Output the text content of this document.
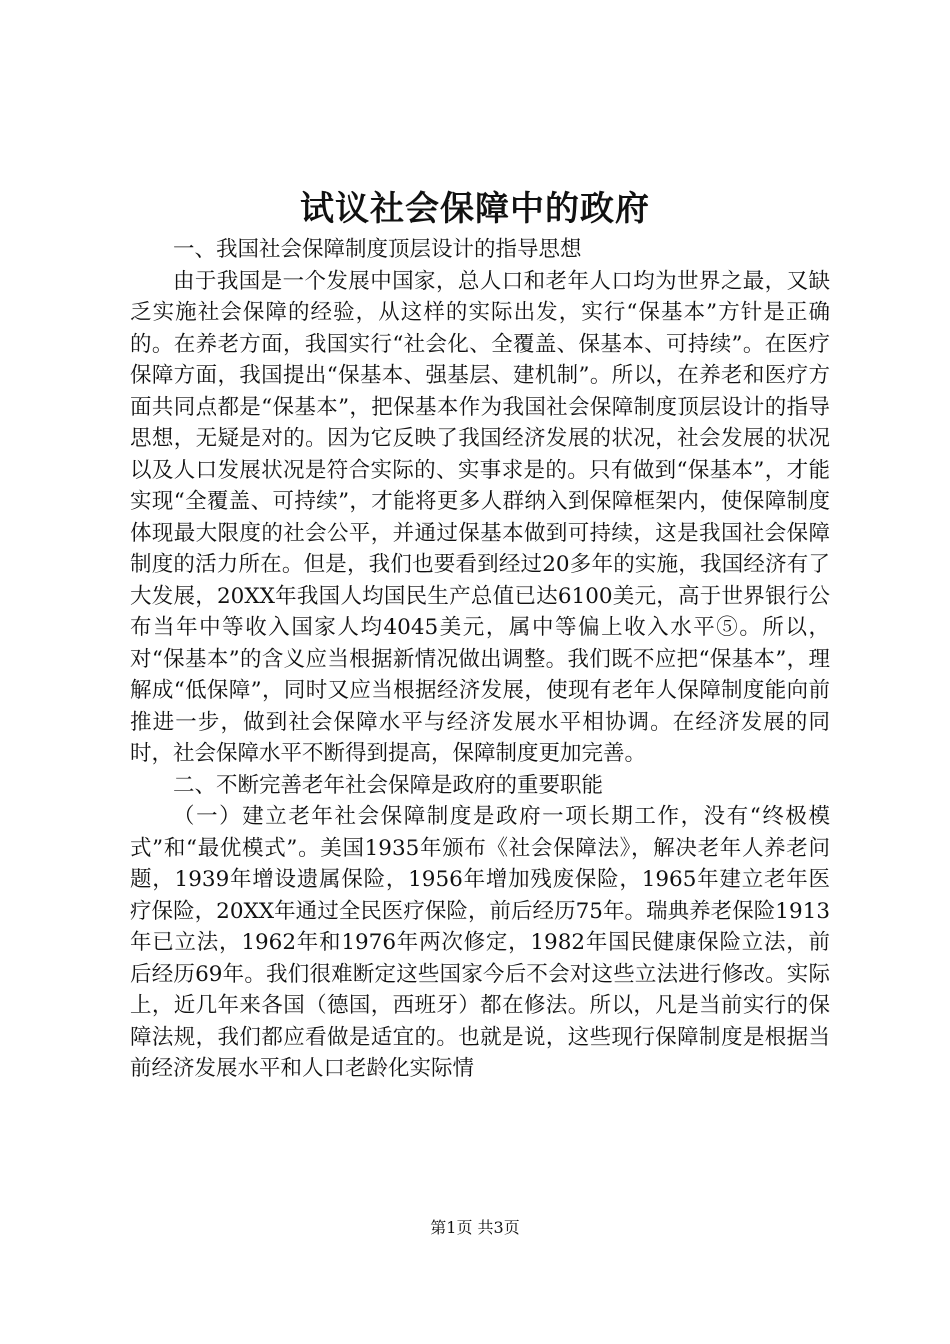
试议社会保障中的政府

一、我国社会保障制度顶层设计的指导思想

由于我国是一个发展中国家，总人口和老年人口均为世界之最，又缺乏实施社会保障的经验，从这样的实际出发，实行“保基本”方针是正确的。在养老方面，我国实行“社会化、全覆盖、保基本、可持续”。在医疗保障方面，我国提出“保基本、强基层、建机制”。所以，在养老和医疗方面共同点都是“保基本”，把保基本作为我国社会保障制度顶层设计的指导思想，无疑是对的。因为它反映了我国经济发展的状况，社会发展的状况以及人口发展状况是符合实际的、实事求是的。只有做到“保基本”，才能实现“全覆盖、可持续”，才能将更多人群纳入到保障框架内，使保障制度体现最大限度的社会公平，并通过保基本做到可持续，这是我国社会保障制度的活力所在。但是，我们也要看到经过20多年的实施，我国经济有了大发展，20XX年我国人均国民生产总值已达6100美元，高于世界银行公布当年中等收入国家人均4045美元，属中等偏上收入水平⑤。所以，对“保基本”的含义应当根据新情况做出调整。我们既不应把“保基本”，理解成“低保障”，同时又应当根据经济发展，使现有老年人保障制度能向前推进一步，做到社会保障水平与经济发展水平相协调。在经济发展的同时，社会保障水平不断得到提高，保障制度更加完善。

二、不断完善老年社会保障是政府的重要职能

（一）建立老年社会保障制度是政府一项长期工作，没有“终极模式”和“最优模式”。美国1935年颁布《社会保障法》，解决老年人养老问题，1939年增设遗属保险，1956年增加残废保险，1965年建立老年医疗保险，20XX年通过全民医疗保险，前后经历75年。瑞典养老保险1913年已立法，1962年和1976年两次修定，1982年国民健康保险立法，前后经历69年。我们很难断定这些国家今后不会对这些立法进行修改。实际上，近几年来各国（德国，西班牙）都在修法。所以，凡是当前实行的保障法规，我们都应看做是适宜的。也就是说，这些现行保障制度是根据当前经济发展水平和人口老龄化实际情

第1页 共3页
